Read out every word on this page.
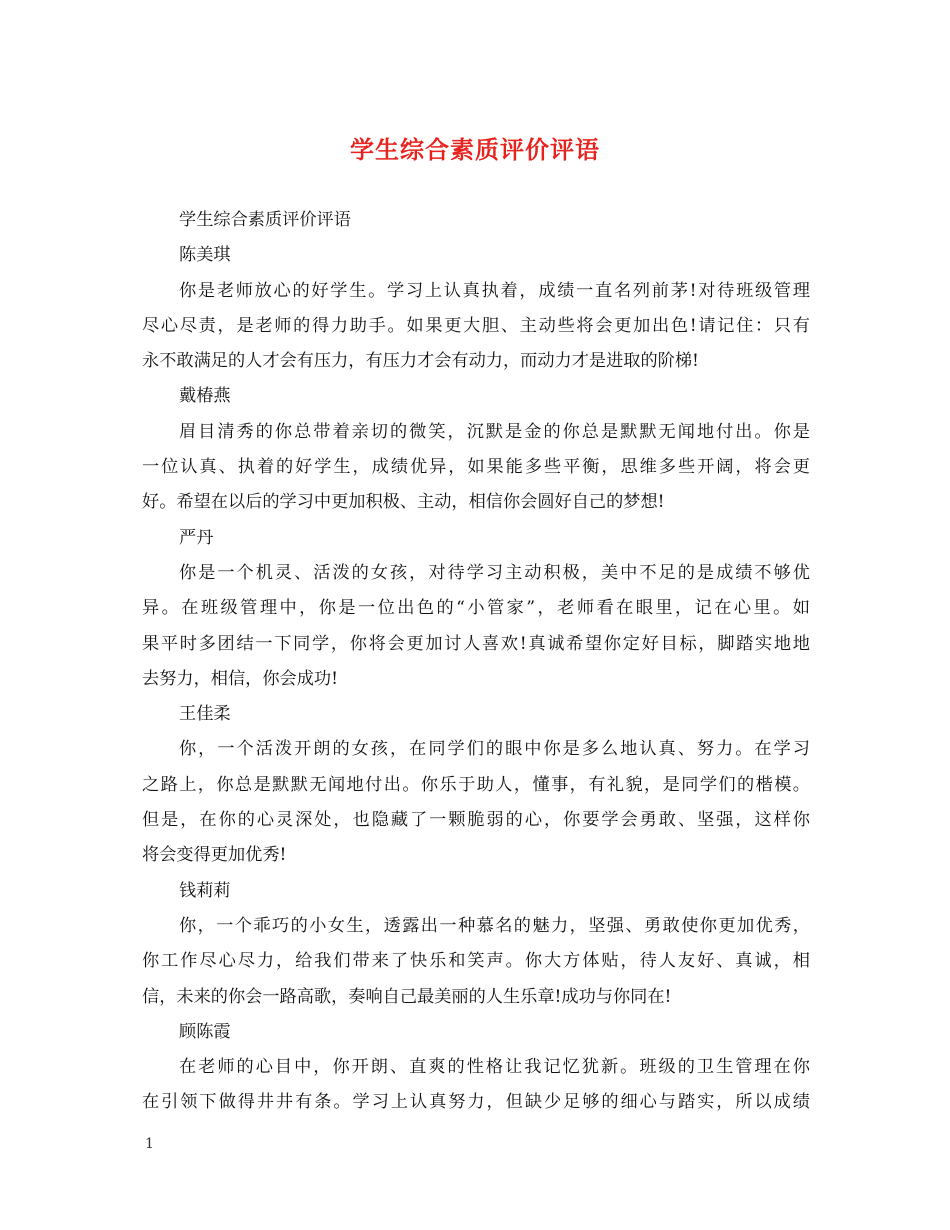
学生综合素质评价评语
学生综合素质评价评语
陈美琪
你是老师放心的好学生。学习上认真执着，成绩一直名列前茅!对待班级管理
尽心尽责，是老师的得力助手。如果更大胆、主动些将会更加出色!请记住：只有
永不敢满足的人才会有压力，有压力才会有动力，而动力才是进取的阶梯!
戴椿燕
眉目清秀的你总带着亲切的微笑，沉默是金的你总是默默无闻地付出。你是
一位认真、执着的好学生，成绩优异，如果能多些平衡，思维多些开阔，将会更
好。希望在以后的学习中更加积极、主动，相信你会圆好自己的梦想!
严丹
你是一个机灵、活泼的女孩，对待学习主动积极，美中不足的是成绩不够优
异。在班级管理中，你是一位出色的“小管家”，老师看在眼里，记在心里。如
果平时多团结一下同学，你将会更加讨人喜欢!真诚希望你定好目标，脚踏实地地
去努力，相信，你会成功!
王佳柔
你，一个活泼开朗的女孩，在同学们的眼中你是多么地认真、努力。在学习
之路上，你总是默默无闻地付出。你乐于助人，懂事，有礼貌，是同学们的楷模。
但是，在你的心灵深处，也隐藏了一颗脆弱的心，你要学会勇敢、坚强，这样你
将会变得更加优秀!
钱莉莉
你，一个乖巧的小女生，透露出一种慕名的魅力，坚强、勇敢使你更加优秀，
你工作尽心尽力，给我们带来了快乐和笑声。你大方体贴，待人友好、真诚，相
信，未来的你会一路高歌，奏响自己最美丽的人生乐章!成功与你同在!
顾陈霞
在老师的心目中，你开朗、直爽的性格让我记忆犹新。班级的卫生管理在你
在引领下做得井井有条。学习上认真努力，但缺少足够的细心与踏实，所以成绩
1
